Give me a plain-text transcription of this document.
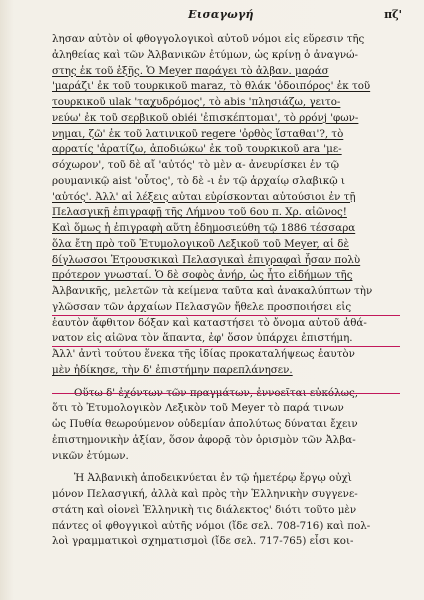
Εισαγωγή	πζ'
λησαν αὐτὸν οἱ φθογγολογικοὶ αὐτοῦ νόμοι εἰς εὕρεσιν τῆς
ἀληθείας καὶ τῶν Ἀλβανικῶν ἐτύμων, ὡς κρίνῃ ὁ ἀναγνώ-
στης ἐκ τοῦ ἑξῆς. Ὁ Meyer παράγει τὸ ἀλβαν. μαράσ
'μαράζι' ἐκ τοῦ τουρκικοῦ maraz, τὸ θλάκ 'ὁδοιπόρος' ἐκ τοῦ
τουρκικοῦ ulak 'ταχυδρόμος', τὸ abis 'πλησιάζω, γειτο-
νεύω' ἐκ τοῦ σερβικοῦ obiéi 'ἐπισκέπτομαι', τὸ ρρόνj 'φων-
νημαι, ζῶ' ἐκ τοῦ λατινικοῦ regere 'ὀρθὸς ἵσταθαι'?, τὸ
αρρατίς 'ἀρατίζω, ἀποδιώκω' ἐκ τοῦ τουρκικοῦ ara 'με-
σόχωρον', τοῦ δὲ αἴ 'αὐτός' τὸ μὲν α- ἀνευρίσκει ἐν τῷ
ρουμανικῷ aist 'οὗτος', τὸ δὲ -ι ἐν τῷ ἀρχαίῳ σλαβικῷ ι
'αὐτός'. Ἀλλ' αἱ λέξεις αὐται εὑρίσκονται αὐτούσιοι ἐν τῇ
Πελασγικῇ ἐπιγραφῇ τῆς Λήμνου τοῦ 6ου π. Χρ. αἰῶνος!
Καὶ ὅμως ἡ ἐπιγραφὴ αὕτη ἐδημοσιεύθη τῷ 1886 τέσσαρα
ὅλα ἔτη πρὸ τοῦ Ἐτυμολογικοῦ Λεξικοῦ τοῦ Meyer, αἱ δὲ
δίγλωσσοι Ἐτρουσκικαὶ Πελασγικαὶ ἐπιγραφαὶ ἦσαν πολὺ
πρότερον γνωσταί. Ὁ δὲ σοφὸς ἀνήρ, ὡς ἦτο εἰδήμων τῆς
Ἀλβανικῆς, μελετῶν τὰ κείμενα ταῦτα καὶ ἀνακαλύπτων τὴν
γλῶσσαν τῶν ἀρχαίων Πελασγῶν ἤθελε προσποιήσει εἰς
ἑαυτὸν ἄφθιτον δόξαν καὶ καταστήσει τὸ ὄνομα αὐτοῦ ἀθά-
νατον εἰς αἰῶνα τὸν ἅπαντα, ἐφ' ὅσον ὑπάρχει ἐπιστήμη.
Ἀλλ' ἀντὶ τούτου ἕνεκα τῆς ἰδίας προκαταλήψεως ἑαυτὸν
μὲν ἠδίκησε, τὴν δ' ἐπιστήμην παρεπλάνησεν.
Οὕτω δ' ἐχόντων τῶν πραγμάτων, ἐννοεῖται εὐκόλως,
ὅτι τὸ Ἐτυμολογικὸν Λεξικὸν τοῦ Meyer τὸ παρά τινων
ὡς Πυθία θεωρούμενον οὐδεμίαν ἀπολύτως δύναται ἔχειν
ἐπιστημονικὴν ἀξίαν, ὅσον ἀφορᾷ τὸν ὁρισμὸν τῶν Ἀλβα-
νικῶν ἐτύμων.
Ἡ Ἀλβανικὴ ἀποδεικνύεται ἐν τῷ ἡμετέρῳ ἔργῳ οὐχὶ
μόνον Πελασγική, ἀλλὰ καὶ πρὸς τὴν Ἑλληνικὴν συγγενε-
στάτη καὶ οἱονεὶ Ἑλληνικὴ τις διάλεκτος' διότι τοῦτο μὲν
πάντες οἱ φθογγικοὶ αὐτῆς νόμοι (ἴδε σελ. 708-716) καὶ πολ-
λοὶ γραμματικοὶ σχηματισμοὶ (ἴδε σελ. 717-765) εἶσι κοι-
